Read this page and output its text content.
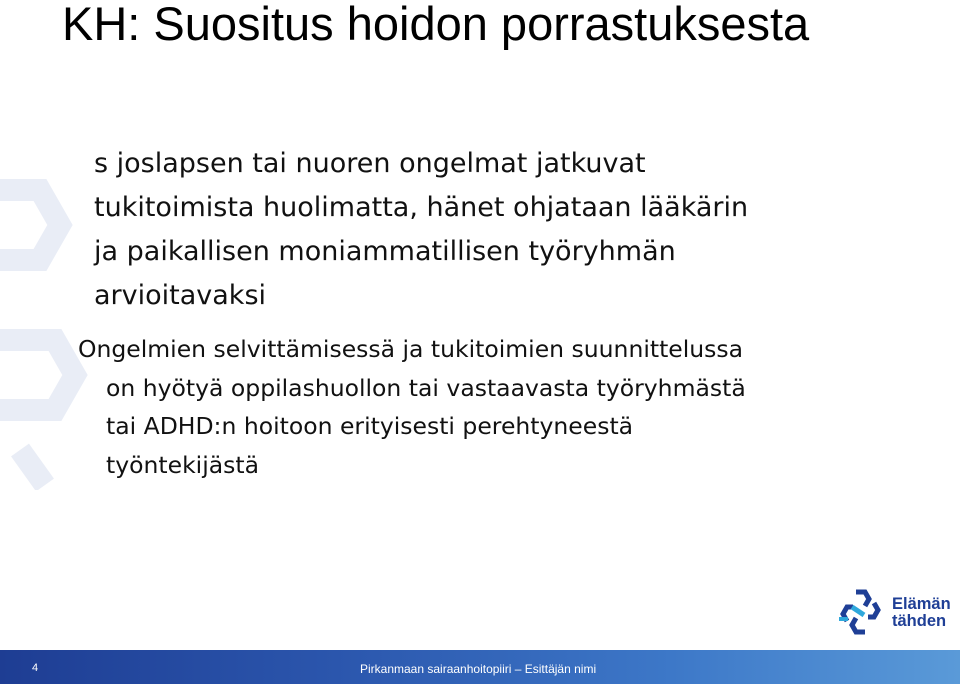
KH: Suositus hoidon porrastuksesta
s joslapsen tai nuoren ongelmat jatkuvat
tukitoimista huolimatta, hänet ohjataan lääkärin
ja paikallisen moniammatillisen työryhmän
arvioitavaksi
Ongelmien selvittämisessä ja tukitoimien suunnittelussa
on hyötyä oppilashuollon tai vastaavasta työryhmästä
tai ADHD:n hoitoon erityisesti perehtyneestä
työntekijästä
Elämän
tähden
4	Pirkanmaan sairaanhoitopiiri – Esittäjän nimi
